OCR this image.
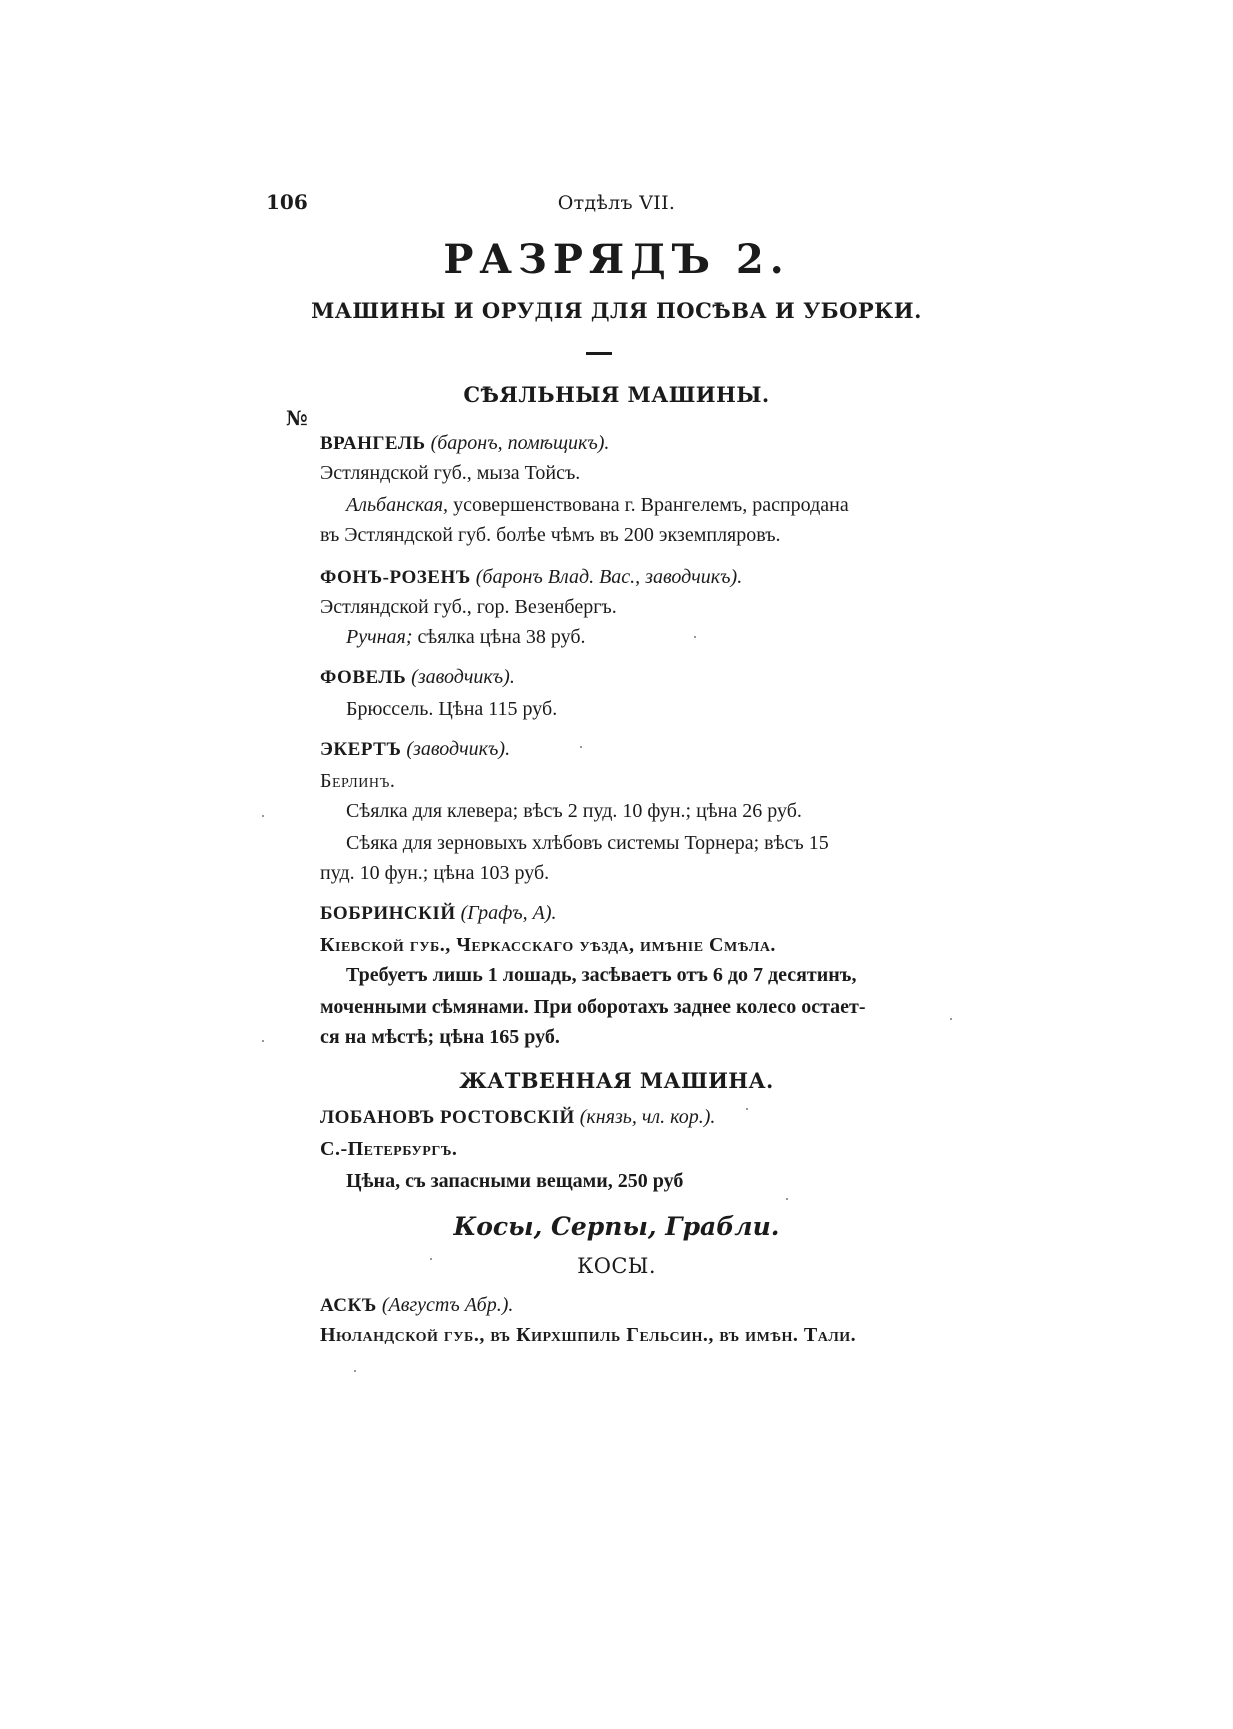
106	Отдѣлъ VII.
РАЗРЯДЪ 2.
МАШИНЫ И ОРУДІЯ ДЛЯ ПОСѢВА И УБОРКИ.
СѢЯЛЬНЫЯ МАШИНЫ.
№
ВРАНГЕЛЬ (баронъ, помѣщикъ).
Эстляндской губ., мыза Тойсъ.
Альбанская, усовершенствована г. Врангелемъ, распродана
въ Эстляндской губ. болѣе чѣмъ въ 200 экземпляровъ.
ФОНЪ-РОЗЕНЪ (баронъ Влад. Вас., заводчикъ).
Эстляндской губ., гор. Везенбергъ.
Ручная; сѣялка цѣна 38 руб.
ФОВЕЛЬ (заводчикъ).
Брюссель. Цѣна 115 руб.
ЭКЕРТЪ (заводчикъ).
Берлинъ.
Сѣялка для клевера; вѣсъ 2 пуд. 10 фун.; цѣна 26 руб.
Сѣяка для зерновыхъ хлѣбовъ системы Торнера; вѣсъ 15
пуд. 10 фун.; цѣна 103 руб.
БОБРИНСКІЙ (Графъ, А).
Кіевской губ., Черкасскаго уѣзда, имѣніе Смѣла.
Требуетъ лишь 1 лошадь, засѣваетъ отъ 6 до 7 десятинъ,
моченными сѣмянами. При оборотахъ заднее колесо остает-
ся на мѣстѣ; цѣна 165 руб.
ЖАТВЕННАЯ МАШИНА.
ЛОБАНОВЪ РОСТОВСКІЙ (князь, чл. кор.).
С.-Петербургъ.
Цѣна, съ запасными вещами, 250 руб
Косы, Серпы, Грабли.
КОСЫ.
АСКЪ (Августъ Абр.).
Нюландской губ., въ Кирхшпиль Гельсин., въ имѣн. Тали.
